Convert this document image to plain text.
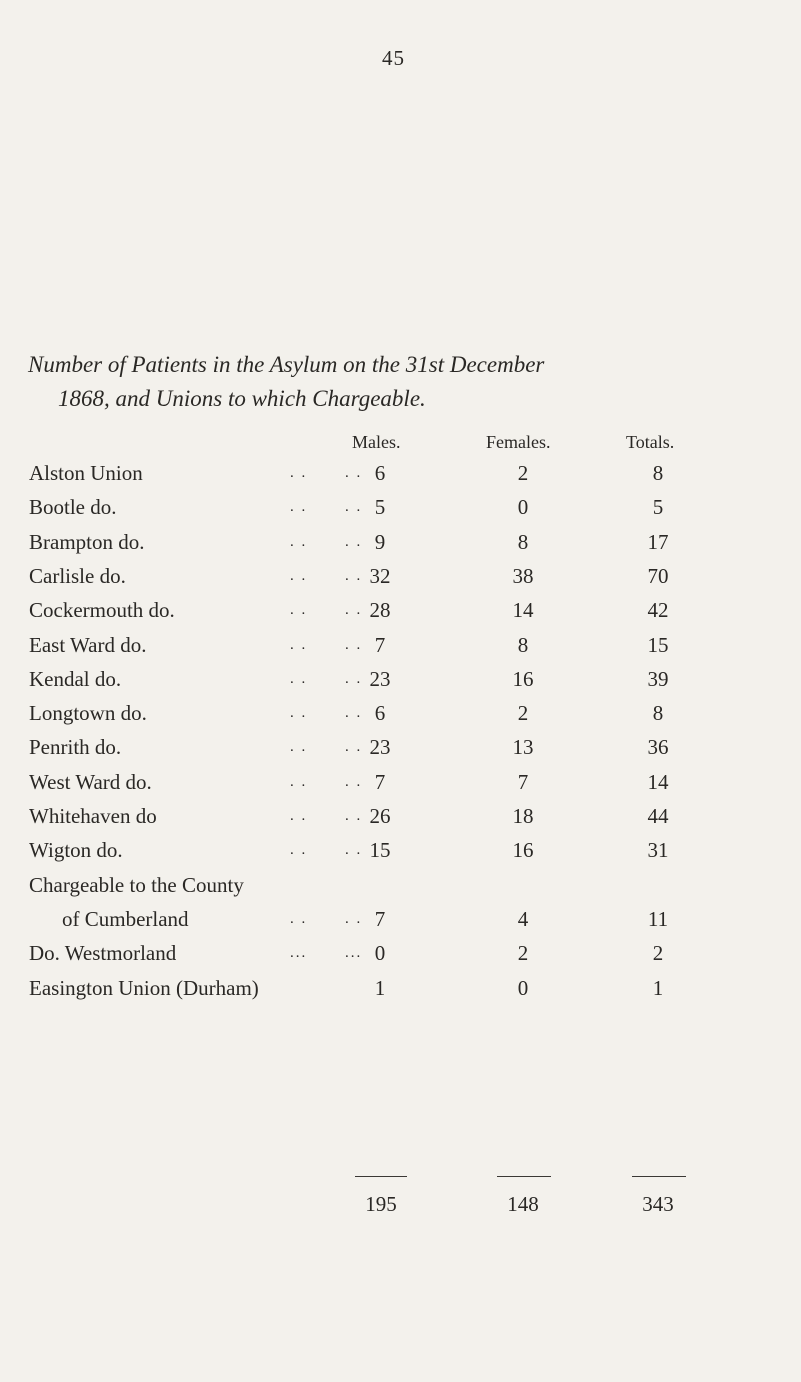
45
Number of Patients in the Asylum on the 31st December
1868, and Unions to which Chargeable.
Males.	Females.	Totals.
Alston Union	. .	. . 6	2	8
Bootle do.	. .	. . 5	0	5
Brampton do.	. .	. . 9	8	17
Carlisle do.	. .	. . 32	38	70
Cockermouth do.	. .	. . 28	14	42
East Ward do.	. .	. . 7	8	15
Kendal do.	. .	. . 23	16	39
Longtown do.	. .	. . 6	2	8
Penrith do.	. .	. . 23	13	36
West Ward do.	. .	. . 7	7	14
Whitehaven do	. .	. . 26	18	44
Wigton do.	. .	. . 15	16	31
Chargeable to the County
of Cumberland	. .	. . 7	4	11
Do. Westmorland	...	... 0	2	2
Easington Union (Durham)	1	0	1
195	148	343
